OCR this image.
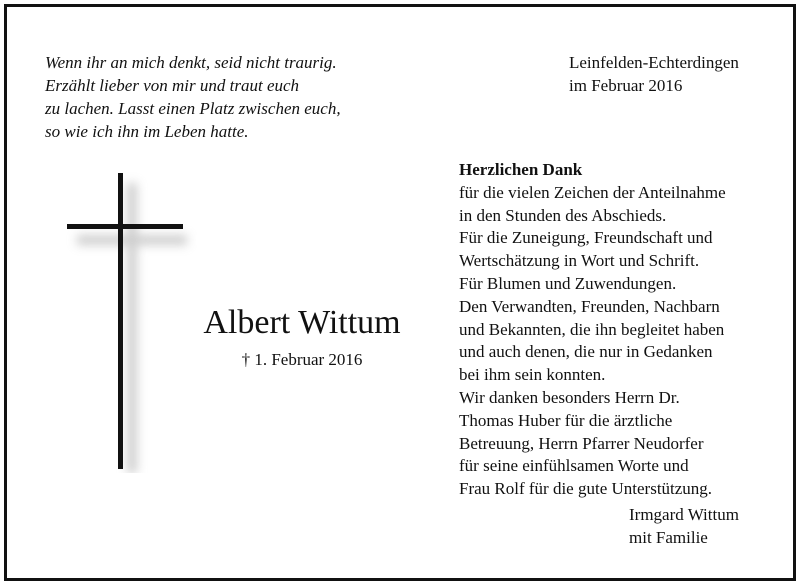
Wenn ihr an mich denkt, seid nicht traurig.
Erzählt lieber von mir und traut euch
zu lachen. Lasst einen Platz zwischen euch,
so wie ich ihn im Leben hatte.
Leinfelden-Echterdingen
im Februar 2016
Albert Wittum
† 1. Februar 2016
Herzlichen Dank
für die vielen Zeichen der Anteilnahme
in den Stunden des Abschieds.
Für die Zuneigung, Freundschaft und
Wertschätzung in Wort und Schrift.
Für Blumen und Zuwendungen.
Den Verwandten, Freunden, Nachbarn
und Bekannten, die ihn begleitet haben
und auch denen, die nur in Gedanken
bei ihm sein konnten.
Wir danken besonders Herrn Dr.
Thomas Huber für die ärztliche
Betreuung, Herrn Pfarrer Neudorfer
für seine einfühlsamen Worte und
Frau Rolf für die gute Unterstützung.
Irmgard Wittum
mit Familie
